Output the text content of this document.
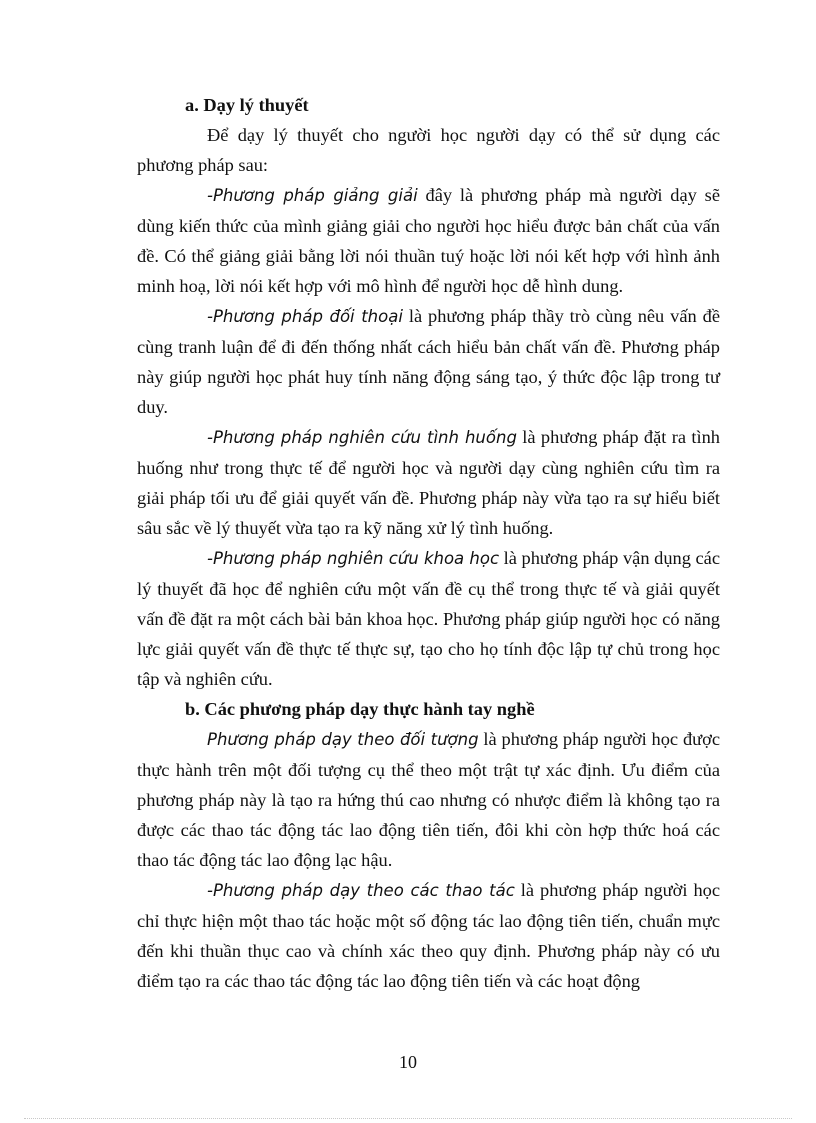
a. Dạy lý thuyết

Để dạy lý thuyết cho người học người dạy có thể sử dụng các phương pháp sau:

-Phương pháp giảng giải đây là phương pháp mà người dạy sẽ dùng kiến thức của mình giảng giải cho người học hiểu được bản chất của vấn đề. Có thể giảng giải bằng lời nói thuần tuý hoặc lời nói kết hợp với hình ảnh minh hoạ, lời nói kết hợp với mô hình để người học dễ hình dung.

-Phương pháp đối thoại là phương pháp thầy trò cùng nêu vấn đề cùng tranh luận để đi đến thống nhất cách hiểu bản chất vấn đề. Phương pháp này giúp người học phát huy tính năng động sáng tạo, ý thức độc lập trong tư duy.

-Phương pháp nghiên cứu tình huống là phương pháp đặt ra tình huống như trong thực tế để người học và người dạy cùng nghiên cứu tìm ra giải pháp tối ưu để giải quyết vấn đề. Phương pháp này vừa tạo ra sự hiểu biết sâu sắc về lý thuyết vừa tạo ra kỹ năng xử lý tình huống.

-Phương pháp nghiên cứu khoa học là phương pháp vận dụng các lý thuyết đã học để nghiên cứu một vấn đề cụ thể trong thực tế và giải quyết vấn đề đặt ra một cách bài bản khoa học. Phương pháp giúp người học có năng lực giải quyết vấn đề thực tế thực sự, tạo cho họ tính độc lập tự chủ trong học tập và nghiên cứu.

b. Các phương pháp dạy thực hành tay nghề

Phương pháp dạy theo đối tượng là phương pháp người học được thực hành trên một đối tượng cụ thể theo một trật tự xác định. Ưu điểm của phương pháp này là tạo ra hứng thú cao nhưng có nhược điểm là không tạo ra được các thao tác động tác lao động tiên tiến, đôi khi còn hợp thức hoá các thao tác động tác lao động lạc hậu.

-Phương pháp dạy theo các thao tác là phương pháp người học chỉ thực hiện một thao tác hoặc một số động tác lao động tiên tiến, chuẩn mực đến khi thuần thục cao và chính xác theo quy định. Phương pháp này có ưu điểm tạo ra các thao tác động tác lao động tiên tiến và các hoạt động

10
